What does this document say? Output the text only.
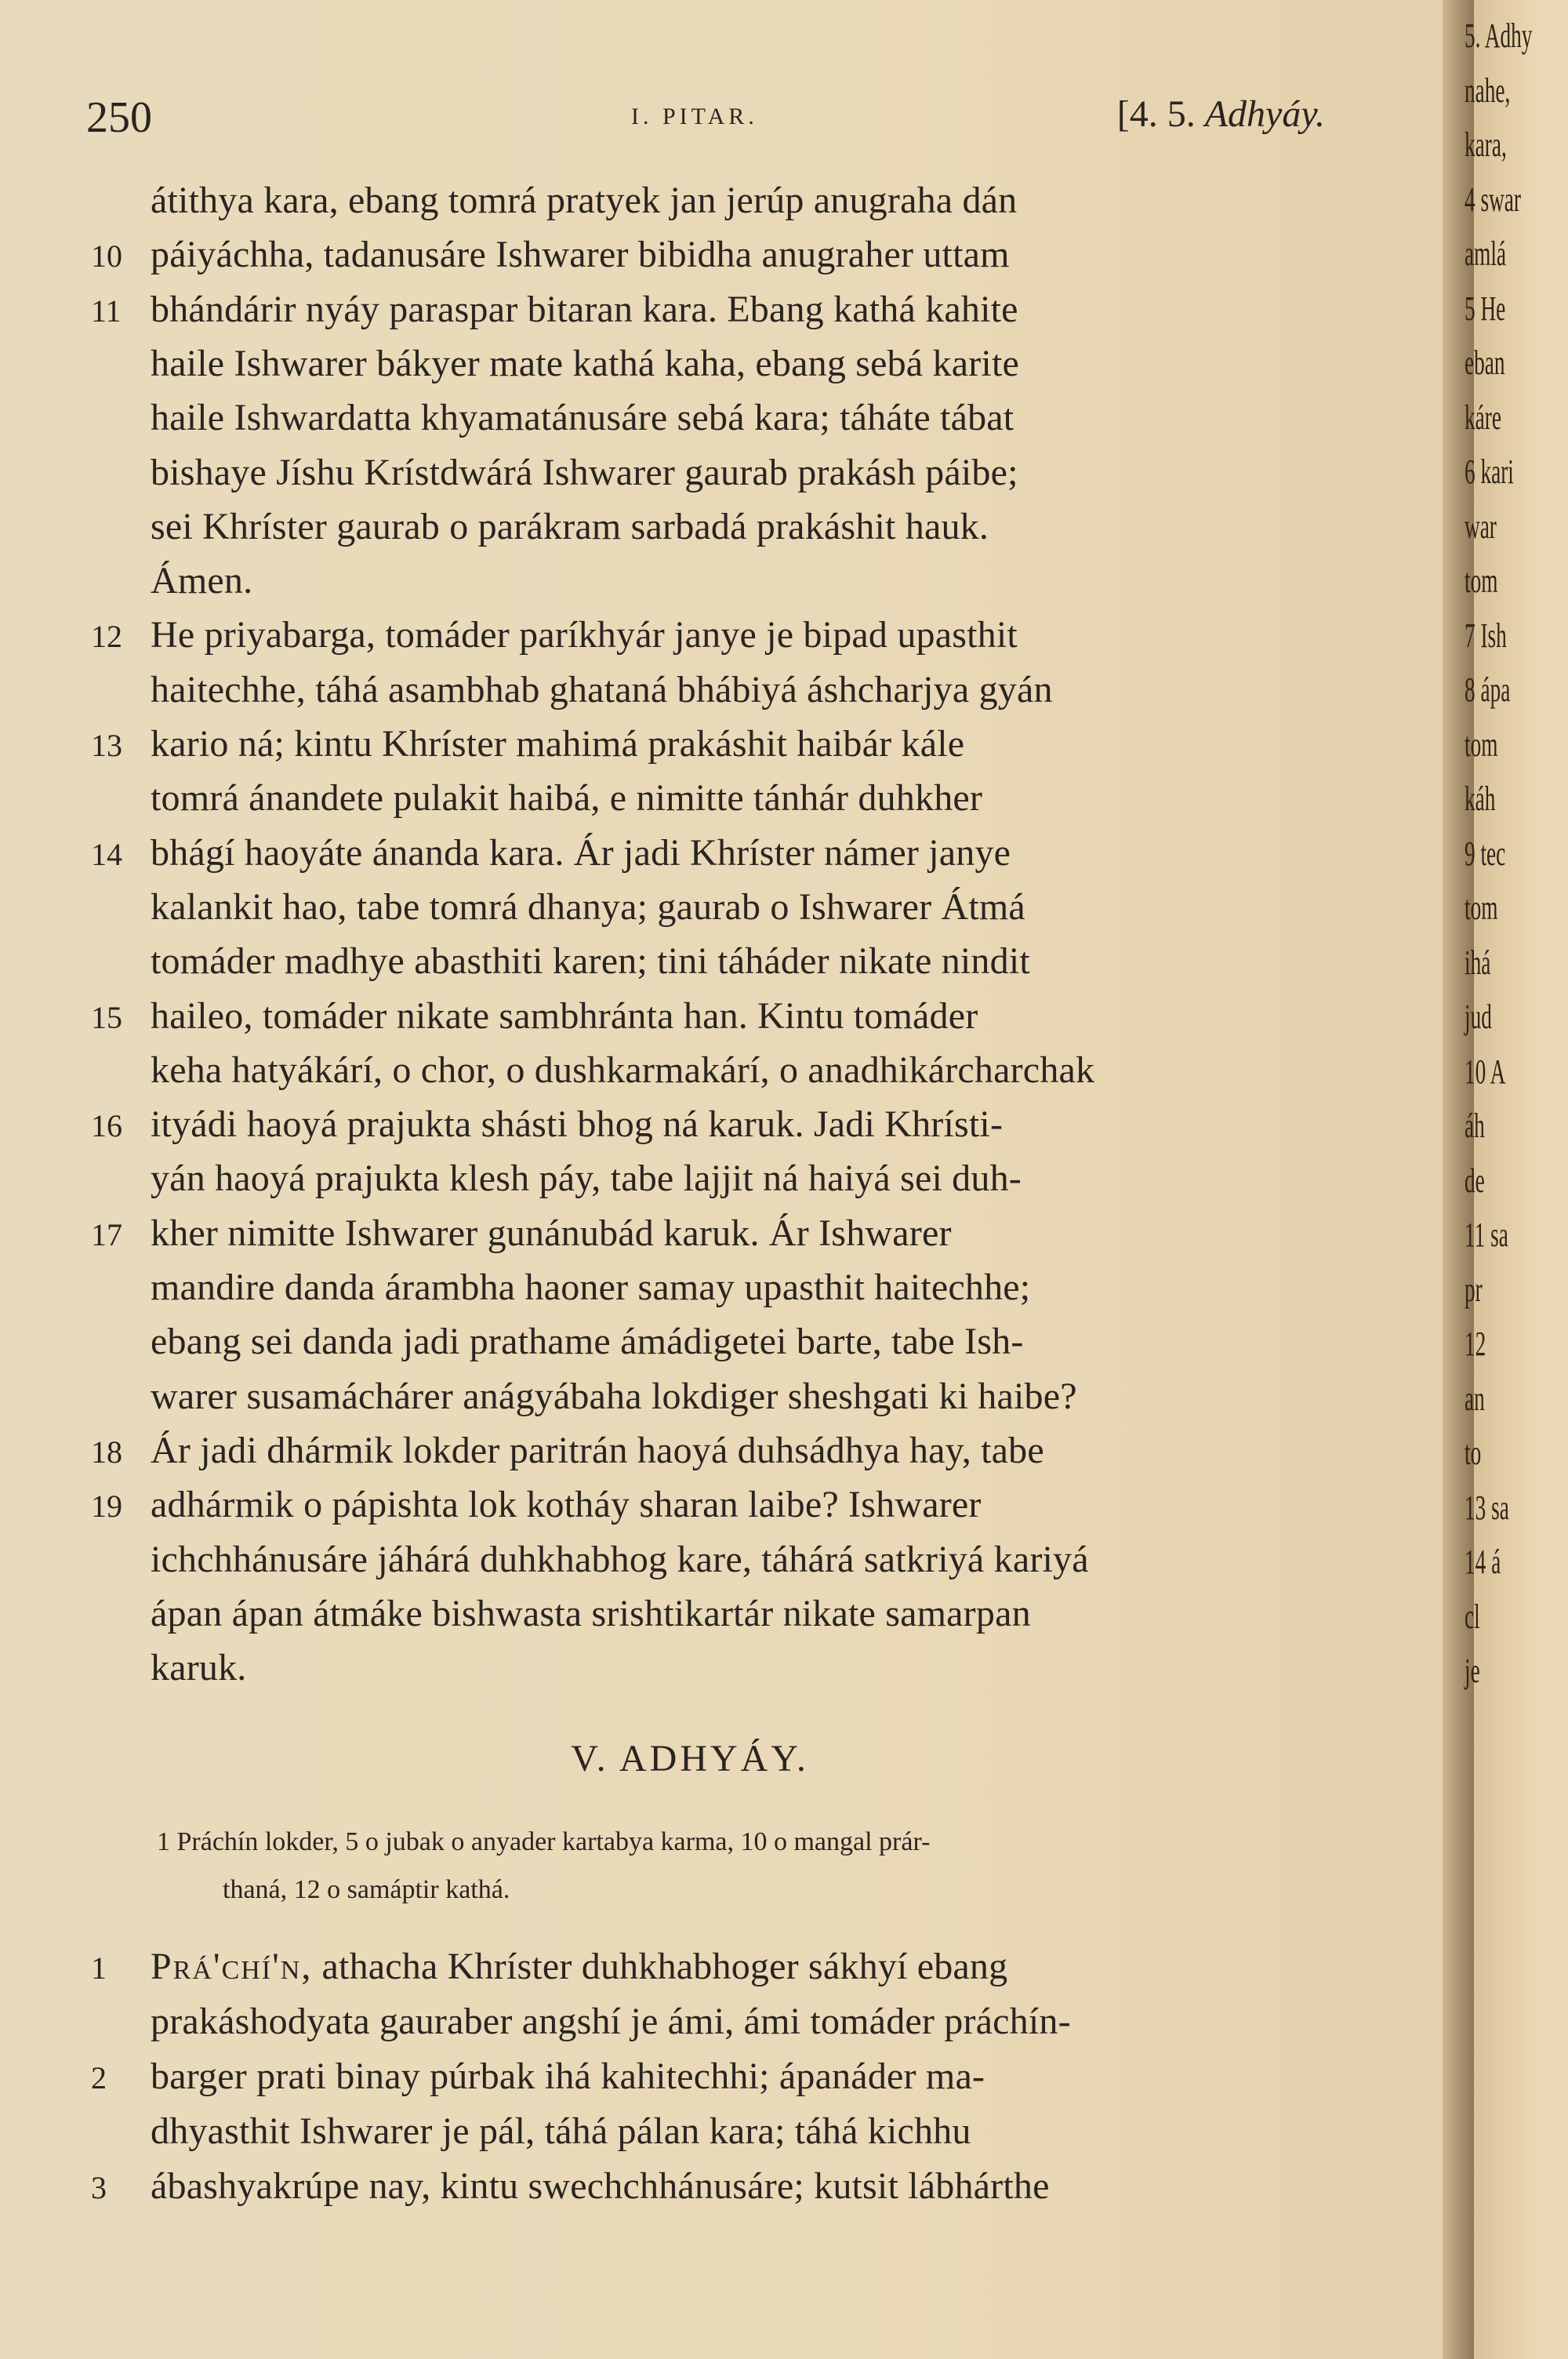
250	I. PITAR.	[4. 5. Adhyáy.
átithya kara, ebang tomrá pratyek jan jerúp anugraha dán
10 páiyáchha, tadanusáre Ishwarer bibidha anugraher uttam
11 bhándárir nyáy paraspar bitaran kara. Ebang kathá kahite
haile Ishwarer bákyer mate kathá kaha, ebang sebá karite
haile Ishwardatta khyamatánusáre sebá kara; táháte tábat
bishaye Jíshu Krístdwárá Ishwarer gaurab prakásh páibe;
sei Khríster gaurab o parákram sarbadá prakáshit hauk.
Ámen.
12 He priyabarga, tomáder paríkhyár janye je bipad upasthit
haitechhe, táhá asambhab ghataná bhábiyá áshcharjya gyán
13 kario ná; kintu Khríster mahimá prakáshit haibár kále
tomrá ánandete pulakit haibá, e nimitte tánhár duhkher
14 bhágí haoyáte ánanda kara. Ár jadi Khríster námer janye
kalankit hao, tabe tomrá dhanya; gaurab o Ishwarer Átmá
tomáder madhye abasthiti karen; tini táháder nikate nindit
15 haileo, tomáder nikate sambhránta han. Kintu tomáder
keha hatyákárí, o chor, o dushkarmakárí, o anadhikárcharchak
16 ityádi haoyá prajukta shásti bhog ná karuk. Jadi Khrísti-
yán haoyá prajukta klesh páy, tabe lajjit ná haiyá sei duh-
17 kher nimitte Ishwarer gunánubád karuk. Ár Ishwarer
mandire danda árambha haoner samay upasthit haitechhe;
ebang sei danda jadi prathame ámádigetei barte, tabe Ish-
warer susamáchárer anágyábaha lokdiger sheshgati ki haibe?
18 Ár jadi dhármik lokder paritrán haoyá duhsádhya hay, tabe
19 adhármik o pápishta lok kotháy sharan laibe? Ishwarer
ichchhánusáre jáhárá duhkhabhog kare, táhárá satkriyá kariyá
ápan ápan átmáke bishwasta srishtikartár nikate samarpan
karuk.
V. ADHYÁY.
1 Práchín lokder, 5 o jubak o anyader kartabya karma, 10 o mangal prár-
thaná, 12 o samáptir kathá.
1 Prá'chí'n, athacha Khríster duhkhabhoger sákhyí ebang
prakáshodyata gauraber angshí je ámi, ámi tomáder práchín-
2 barger prati binay púrbak ihá kahitechhi; ápanáder ma-
dhyasthit Ishwarer je pál, táhá pálan kara; táhá kichhu
3 ábashyakrúpe nay, kintu swechchhánusáre; kutsit lábhárthe
5. Adhy
nahe,
kara,
4 swar
amlá
5 He
eban
káre
6 kari
war
tom
7 Ish
8 ápa
tom
káh
9 tec
tom
ihá
jud
10 A
áh
de
11 sa
pr
12
an
to
13 sa
14 á
cl
je
